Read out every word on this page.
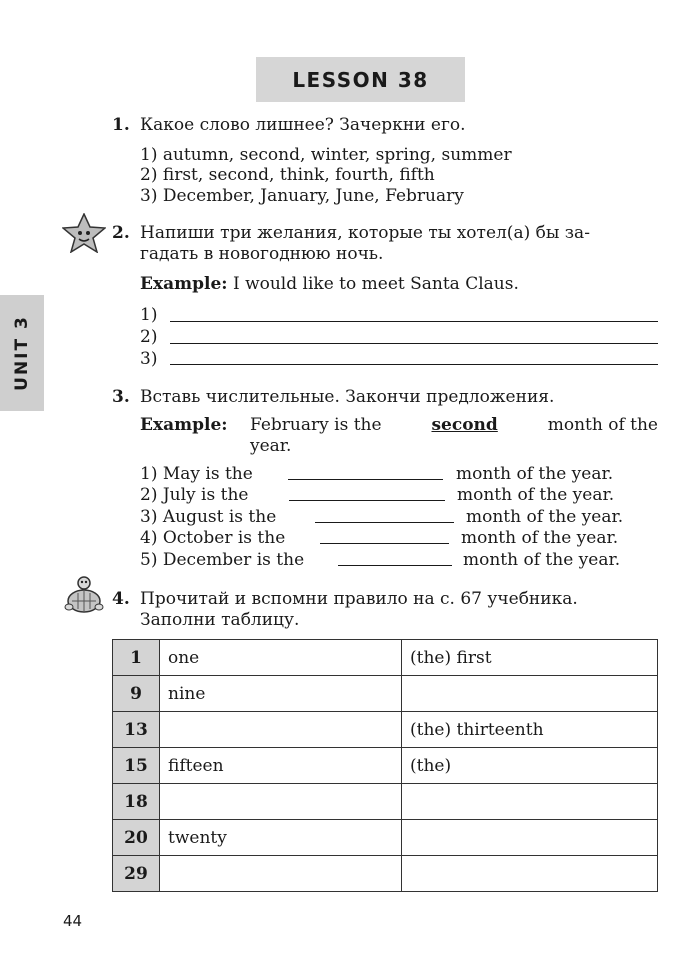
LESSON 38
UNIT 3
1. Какое слово лишнее? Зачеркни его.
1) autumn, second, winter, spring, summer
2) first, second, think, fourth, fifth
3) December, January, June, February
2. Напиши три желания, которые ты хотел(а) бы за-
гадать в новогоднюю ночь.
Example: I would like to meet Santa Claus.
1)
2)
3)
3. Вставь числительные. Закончи предложения.
Example: February is the	second	month of the
year.
1) May is the	month of the year.
2) July is the	month of the year.
3) August is the	month of the year.
4) October is the	month of the year.
5) December is the	month of the year.
4. Прочитай и вспомни правило на с. 67 учебника.
Заполни таблицу.
1	one	(the) first
9	nine	
13		(the) thirteenth
15	fifteen	(the)
18		
20	twenty	
29		
44
